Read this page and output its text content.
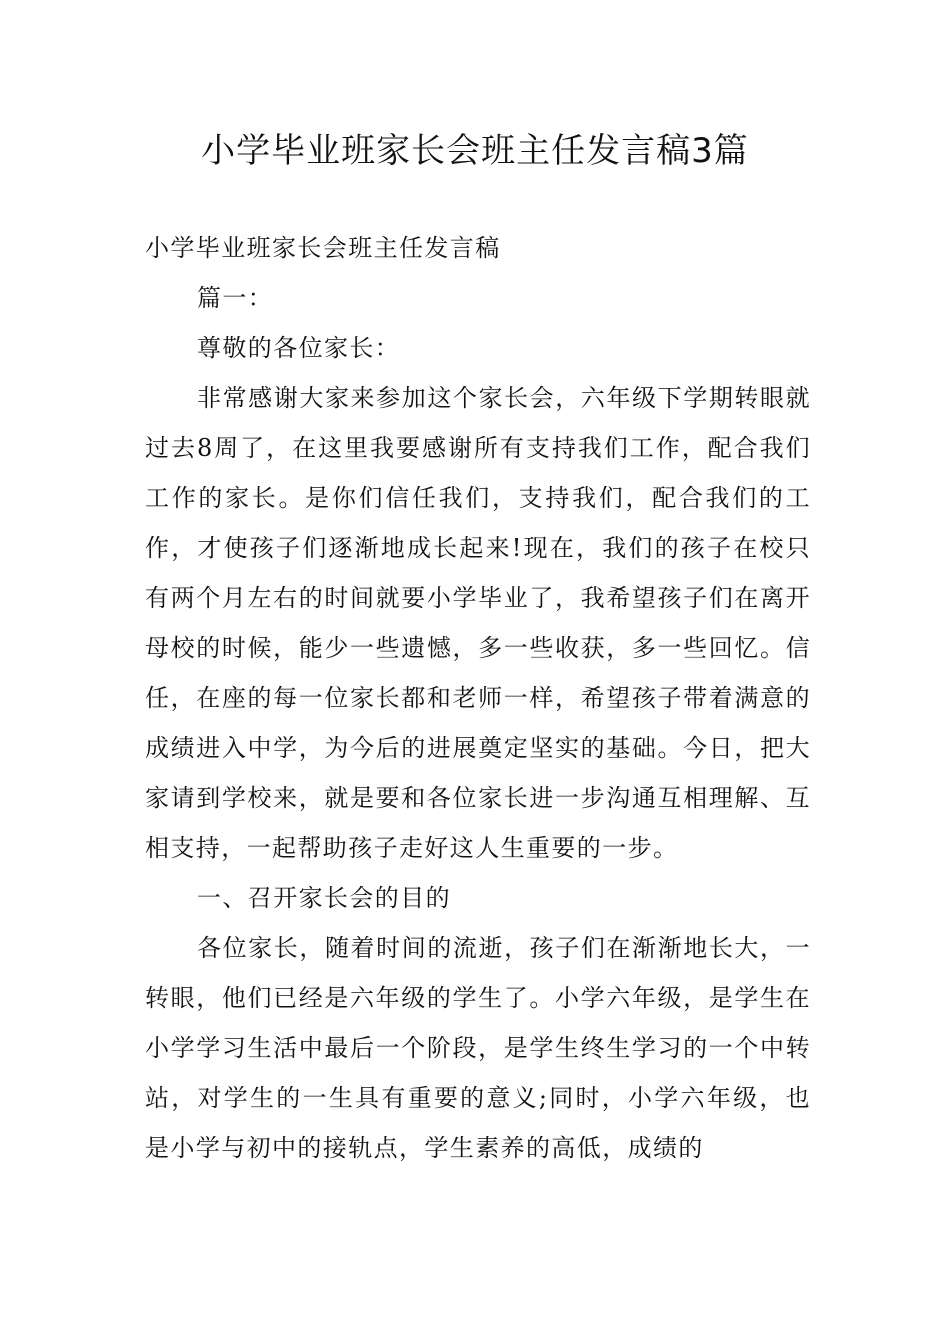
小学毕业班家长会班主任发言稿3篇

小学毕业班家长会班主任发言稿

篇一：

尊敬的各位家长：

非常感谢大家来参加这个家长会，六年级下学期转眼就过去8周了，在这里我要感谢所有支持我们工作，配合我们工作的家长。是你们信任我们，支持我们，配合我们的工作，才使孩子们逐渐地成长起来!现在，我们的孩子在校只有两个月左右的时间就要小学毕业了，我希望孩子们在离开母校的时候，能少一些遗憾，多一些收获，多一些回忆。信任，在座的每一位家长都和老师一样，希望孩子带着满意的成绩进入中学，为今后的进展奠定坚实的基础。今日，把大家请到学校来，就是要和各位家长进一步沟通互相理解、互相支持，一起帮助孩子走好这人生重要的一步。

一、召开家长会的目的

各位家长，随着时间的流逝，孩子们在渐渐地长大，一转眼，他们已经是六年级的学生了。小学六年级，是学生在小学学习生活中最后一个阶段，是学生终生学习的一个中转站，对学生的一生具有重要的意义;同时，小学六年级，也是小学与初中的接轨点，学生素养的高低，成绩的
